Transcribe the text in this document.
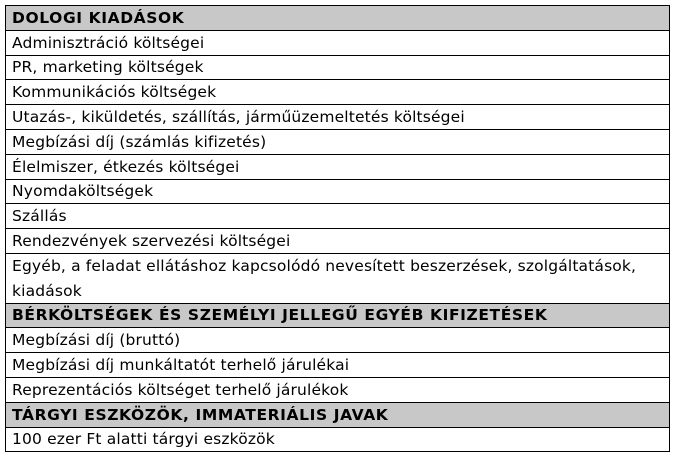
DOLOGI KIADÁSOK
Adminisztráció költségei
PR, marketing költségek
Kommunikációs költségek
Utazás-, kiküldetés, szállítás, járműüzemeltetés költségei
Megbízási díj (számlás kifizetés)
Élelmiszer, étkezés költségei
Nyomdaköltségek
Szállás
Rendezvények szervezési költségei
Egyéb, a feladat ellátáshoz kapcsolódó nevesített beszerzések, szolgáltatások, kiadások
BÉRKÖLTSÉGEK ÉS SZEMÉLYI JELLEGŰ EGYÉB KIFIZETÉSEK
Megbízási díj (bruttó)
Megbízási díj munkáltatót terhelő járulékai
Reprezentációs költséget terhelő járulékok
TÁRGYI ESZKÖZÖK, IMMATERIÁLIS JAVAK
100 ezer Ft alatti tárgyi eszközök
